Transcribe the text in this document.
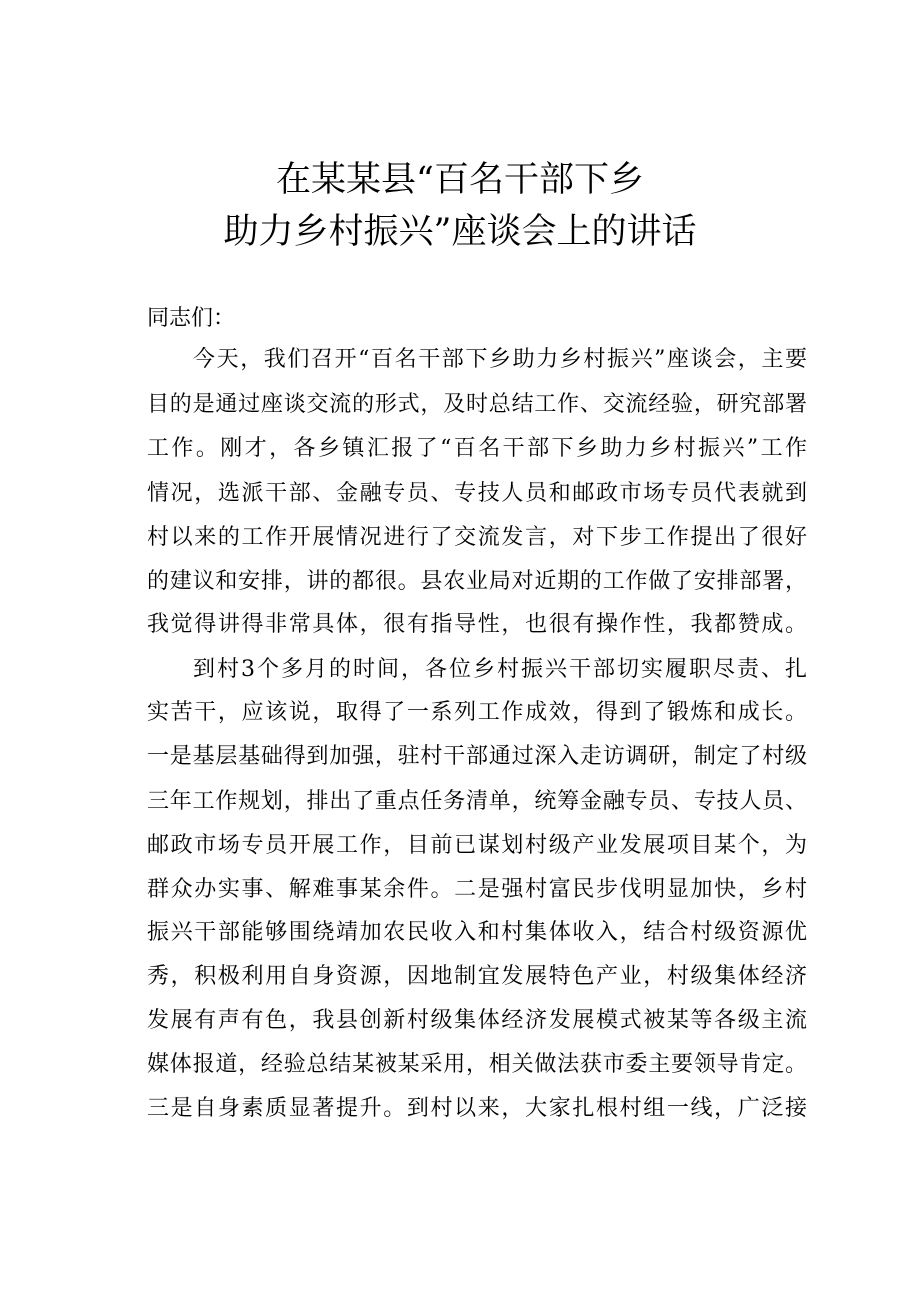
在某某县“百名干部下乡
助力乡村振兴”座谈会上的讲话
同志们：
今天，我们召开“百名干部下乡助力乡村振兴”座谈会，主要
目的是通过座谈交流的形式，及时总结工作、交流经验，研究部署
工作。刚才，各乡镇汇报了“百名干部下乡助力乡村振兴”工作
情况，选派干部、金融专员、专技人员和邮政市场专员代表就到
村以来的工作开展情况进行了交流发言，对下步工作提出了很好
的建议和安排，讲的都很。县农业局对近期的工作做了安排部署，
我觉得讲得非常具体，很有指导性，也很有操作性，我都赞成。
到村3个多月的时间，各位乡村振兴干部切实履职尽责、扎
实苦干，应该说，取得了一系列工作成效，得到了锻炼和成长。
一是基层基础得到加强，驻村干部通过深入走访调研，制定了村级
三年工作规划，排出了重点任务清单，统筹金融专员、专技人员、
邮政市场专员开展工作，目前已谋划村级产业发展项目某个，为
群众办实事、解难事某余件。二是强村富民步伐明显加快，乡村
振兴干部能够围绕靖加农民收入和村集体收入，结合村级资源优
秀，积极利用自身资源，因地制宜发展特色产业，村级集体经济
发展有声有色，我县创新村级集体经济发展模式被某等各级主流
媒体报道，经验总结某被某采用，相关做法获市委主要领导肯定。
三是自身素质显著提升。到村以来，大家扎根村组一线，广泛接
